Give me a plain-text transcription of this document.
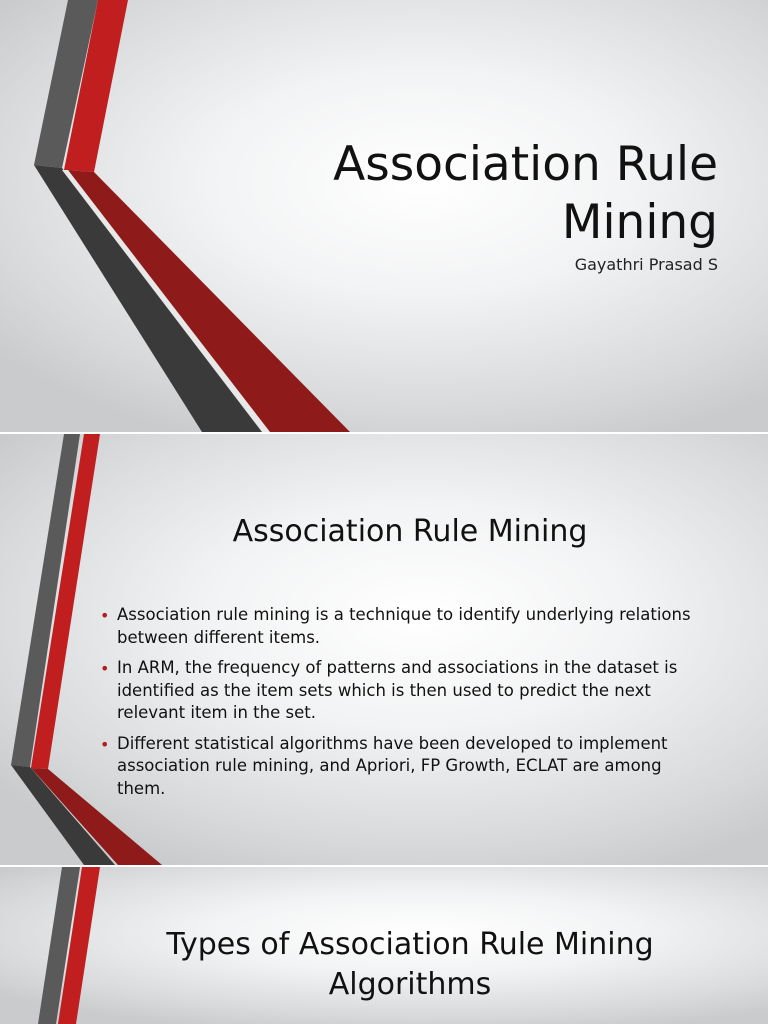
Association Rule Mining
Gayathri Prasad S
Association Rule Mining
• Association rule mining is a technique to identify underlying relations between different items.
• In ARM, the frequency of patterns and associations in the dataset is identified as the item sets which is then used to predict the next relevant item in the set.
• Different statistical algorithms have been developed to implement association rule mining, and Apriori, FP Growth, ECLAT are among them.
Types of Association Rule Mining Algorithms
